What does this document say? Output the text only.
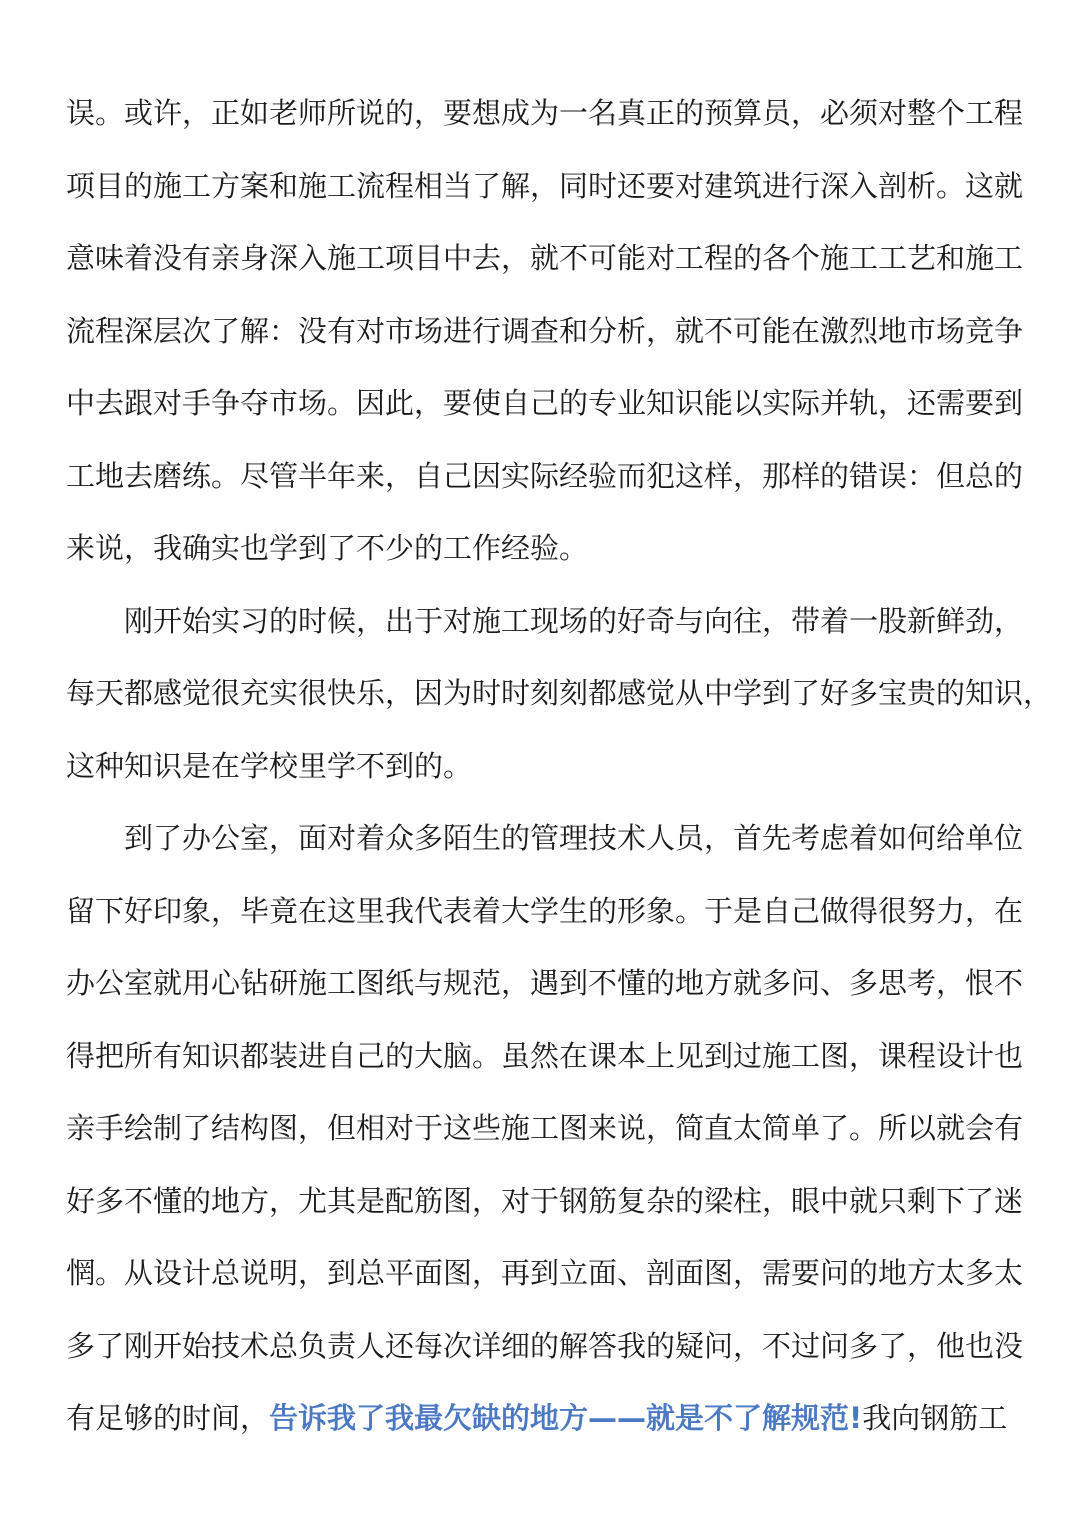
误。或许，正如老师所说的，要想成为一名真正的预算员，必须对整个工程
项目的施工方案和施工流程相当了解，同时还要对建筑进行深入剖析。这就
意味着没有亲身深入施工项目中去，就不可能对工程的各个施工工艺和施工
流程深层次了解：没有对市场进行调查和分析，就不可能在激烈地市场竞争
中去跟对手争夺市场。因此，要使自己的专业知识能以实际并轨，还需要到
工地去磨练。尽管半年来，自己因实际经验而犯这样，那样的错误：但总的
来说，我确实也学到了不少的工作经验。
刚开始实习的时候，出于对施工现场的好奇与向往，带着一股新鲜劲，
每天都感觉很充实很快乐，因为时时刻刻都感觉从中学到了好多宝贵的知识，
这种知识是在学校里学不到的。
到了办公室，面对着众多陌生的管理技术人员，首先考虑着如何给单位
留下好印象，毕竟在这里我代表着大学生的形象。于是自己做得很努力，在
办公室就用心钻研施工图纸与规范，遇到不懂的地方就多问、多思考，恨不
得把所有知识都装进自己的大脑。虽然在课本上见到过施工图，课程设计也
亲手绘制了结构图，但相对于这些施工图来说，简直太简单了。所以就会有
好多不懂的地方，尤其是配筋图，对于钢筋复杂的梁柱，眼中就只剩下了迷
惘。从设计总说明，到总平面图，再到立面、剖面图，需要问的地方太多太
多了刚开始技术总负责人还每次详细的解答我的疑问，不过问多了，他也没
有足够的时间，告诉我了我最欠缺的地方——就是不了解规范!我向钢筋工
